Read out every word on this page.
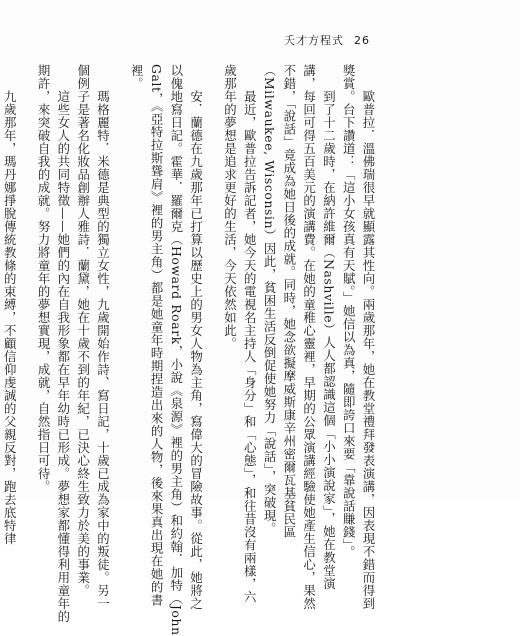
夭才方程式 26
　　歐普拉．溫佛瑞很早就顯露其性向。兩歲那年，她在教堂禮拜發表演講，因表現不錯而得到
獎賞。台下讚道：「這小女孩真有天賦。」她信以為真，隨即誇口來要「靠說話賺錢」。
　　到了十二歲時，在納許維爾（Nashville）人人都認識這個「小小演說家」，她在教堂演
講，每回可得五百美元的演講費。在她的童稚心靈裡，早期的公眾演講經驗使她產生信心，果然
不錯，「說話」竟成為她日後的成就。同時，她念欲擬摩威斯康辛州密爾瓦基貧民區
（Milwaukee, Wisconsin）因此，貧困生活反倒促使她努力「說話」，突破現。
　　最近，歐普拉告訴記者，她今天的電視名主持人「身分」和「心態」，和往昔沒有兩樣，六
歲那年的夢想是追求更好的生活，今天依然如此。
　　安．蘭德在九歲那年已打算以歷史上的男女人物為主角，寫偉大的冒險故事。從此，她將之
以傀地寫日記。霍華．羅爾克（Howard Roark，小說《泉源》裡的男主角）和約翰．加特（John
Galt，《亞特拉斯聳肩》裡的男主角）都是她童年時期捏造出來的人物，後來果真出現在她的書
裡。
　　瑪格麗特．米德是典型的獨立女性，九歲開始作詩、寫日記，十歲已成為家中的叛徒。另一
個例子是著名化妝品創辦人雅詩．蘭黛，她在十歲不到的年紀，已決心終生致力於美的事業。
　　這些女人的共同特徵——她們的內在自我形象都在早年幼時已形成。夢想家都懂得利用童年的
期許，來突破自我的成就。努力將童年的夢想實現，成就，自然指日可待。
　　九歲那年，瑪丹娜掙脫傳統教條的束縛，不顧信仰虔誠的父親反對，跑去底特律
